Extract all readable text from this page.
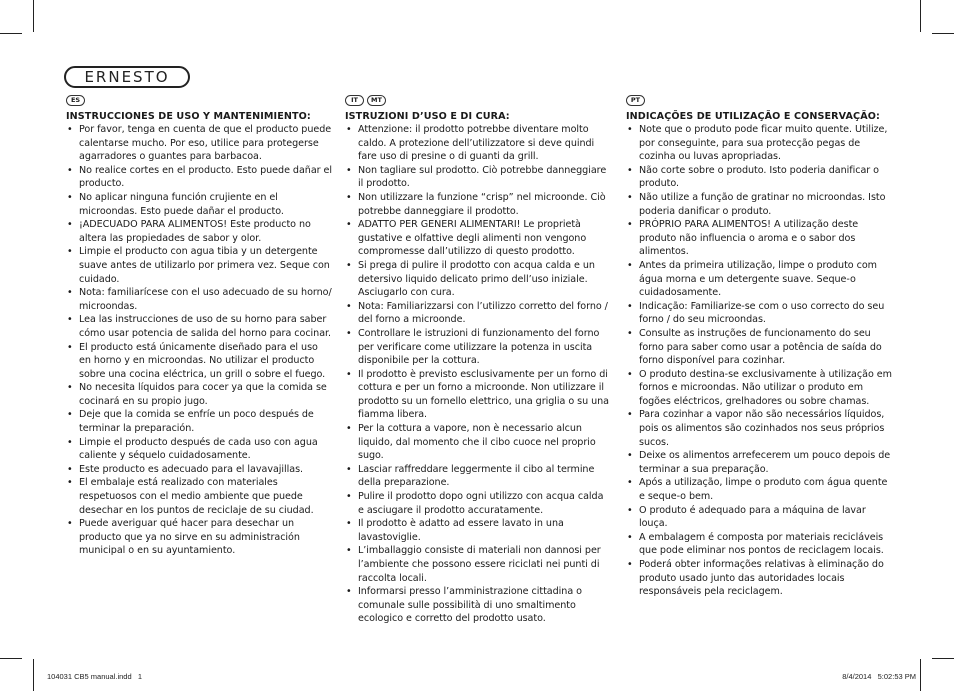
ERNESTO
ES
INSTRUCCIONES DE USO Y MANTENIMIENTO:
• Por favor, tenga en cuenta de que el producto puede calentarse mucho. Por eso, utilice para protegerse agarradores o guantes para barbacoa.
• No realice cortes en el producto. Esto puede dañar el producto.
• No aplicar ninguna función crujiente en el microondas. Esto puede dañar el producto.
• ¡ADECUADO PARA ALIMENTOS! Este producto no altera las propiedades de sabor y olor.
• Limpie el producto con agua tibia y un detergente suave antes de utilizarlo por primera vez. Seque con cuidado.
• Nota: familiarícese con el uso adecuado de su horno/ microondas.
• Lea las instrucciones de uso de su horno para saber cómo usar potencia de salida del horno para cocinar.
• El producto está únicamente diseñado para el uso en horno y en microondas. No utilizar el producto sobre una cocina eléctrica, un grill o sobre el fuego.
• No necesita líquidos para cocer ya que la comida se cocinará en su propio jugo.
• Deje que la comida se enfríe un poco después de terminar la preparación.
• Limpie el producto después de cada uso con agua caliente y séquelo cuidadosamente.
• Este producto es adecuado para el lavavajillas.
• El embalaje está realizado con materiales respetuosos con el medio ambiente que puede desechar en los puntos de reciclaje de su ciudad.
• Puede averiguar qué hacer para desechar un producto que ya no sirve en su administración municipal o en su ayuntamiento.
IT	MT
ISTRUZIONI D’USO E DI CURA:
• Attenzione: il prodotto potrebbe diventare molto caldo. A protezione dell’utilizzatore si deve quindi fare uso di presine o di guanti da grill.
• Non tagliare sul prodotto. Ciò potrebbe danneggiare il prodotto.
• Non utilizzare la funzione “crisp” nel microonde. Ciò potrebbe danneggiare il prodotto.
• ADATTO PER GENERI ALIMENTARI! Le proprietà gustative e olfattive degli alimenti non vengono compromesse dall’utilizzo di questo prodotto.
• Si prega di pulire il prodotto con acqua calda e un detersivo liquido delicato primo dell’uso iniziale. Asciugarlo con cura.
• Nota: Familiarizzarsi con l’utilizzo corretto del forno / del forno a microonde.
• Controllare le istruzioni di funzionamento del forno per verificare come utilizzare la potenza in uscita disponibile per la cottura.
• Il prodotto è previsto esclusivamente per un forno di cottura e per un forno a microonde. Non utilizzare il prodotto su un fornello elettrico, una griglia o su una fiamma libera.
• Per la cottura a vapore, non è necessario alcun liquido, dal momento che il cibo cuoce nel proprio sugo.
• Lasciar raffreddare leggermente il cibo al termine della preparazione.
• Pulire il prodotto dopo ogni utilizzo con acqua calda e asciugare il prodotto accuratamente.
• Il prodotto è adatto ad essere lavato in una lavastoviglie.
• L’imballaggio consiste di materiali non dannosi per l’ambiente che possono essere riciclati nei punti di raccolta locali.
• Informarsi presso l’amministrazione cittadina o comunale sulle possibilità di uno smaltimento ecologico e corretto del prodotto usato.
PT
INDICAÇÕES DE UTILIZAÇÃO E CONSERVAÇÃO:
• Note que o produto pode ficar muito quente. Utilize, por conseguinte, para sua protecção pegas de cozinha ou luvas apropriadas.
• Não corte sobre o produto. Isto poderia danificar o produto.
• Não utilize a função de gratinar no microondas. Isto poderia danificar o produto.
• PRÓPRIO PARA ALIMENTOS! A utilização deste produto não influencia o aroma e o sabor dos alimentos.
• Antes da primeira utilização, limpe o produto com água morna e um detergente suave. Seque-o cuidadosamente.
• Indicação: Familiarize-se com o uso correcto do seu forno / do seu microondas.
• Consulte as instruções de funcionamento do seu forno para saber como usar a potência de saída do forno disponível para cozinhar.
• O produto destina-se exclusivamente à utilização em fornos e microondas. Não utilizar o produto em fogões eléctricos, grelhadores ou sobre chamas.
• Para cozinhar a vapor não são necessários líquidos, pois os alimentos são cozinhados nos seus próprios sucos.
• Deixe os alimentos arrefecerem um pouco depois de terminar a sua preparação.
• Após a utilização, limpe o produto com água quente e seque-o bem.
• O produto é adequado para a máquina de lavar louça.
• A embalagem é composta por materiais recicláveis que pode eliminar nos pontos de reciclagem locais.
• Poderá obter informações relativas à eliminação do produto usado junto das autoridades locais responsáveis pela reciclagem.
104031 CB5 manual.indd   1	8/4/2014   5:02:53 PM
